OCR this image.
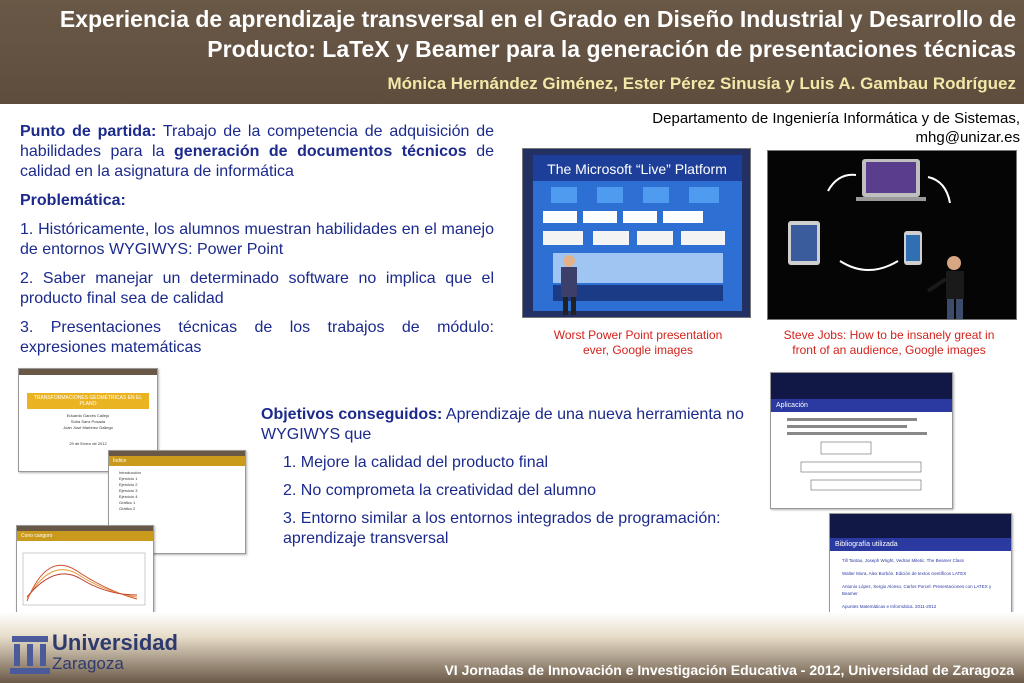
Experiencia de aprendizaje transversal en el Grado en Diseño Industrial y Desarrollo de Producto: LaTeX y Beamer para la generación de presentaciones técnicas
Mónica Hernández Giménez, Ester Pérez Sinusía y Luis A. Gambau Rodríguez
Departamento de Ingeniería Informática y de Sistemas,
mhg@unizar.es

Punto de partida: Trabajo de la competencia de adquisición de habilidades para la generación de documentos técnicos de calidad en la asignatura de informática

Problemática:

1. Históricamente, los alumnos muestran habilidades en el manejo de entornos WYGIWYS: Power Point

2. Saber manejar un determinado software no implica que el producto final sea de calidad

3. Presentaciones técnicas de los trabajos de módulo: expresiones matemáticas

The Microsoft “Live” Platform
Worst Power Point presentation ever, Google images
Steve Jobs: How to be insanely great in front of an audience, Google images
TRANSFORMACIONES GEOMÉTRICAS EN EL PLANO
Eduardo Garcés Callejo
Sofía Sanz Posada
Juan José Martínez Gallego
29 de Enero de 2012
Índice
Introducción
Ejercicio 1
Ejercicio 2
Ejercicio 3
Ejercicio 4
Gráfico 1
Gráfico 2
Cono cangoro
Aplicación
Bibliografía utilizada
Till Tantau, Joseph Wright, Vedran Miletic. The Beamer Class
Walter Mora, Alex Borbón. Edición de textos científicos LATEX
Antonio López, Sergio Alonso, Carlos Porcel. Presentaciones con LATEX y Beamer
Apuntes Matemáticas e Informática. 2011-2012

Objetivos conseguidos: Aprendizaje de una nueva herramienta no WYGIWYS que

1. Mejore la calidad del producto final

2. No comprometa la creatividad del alumno

3. Entorno similar a los entornos integrados de programación: aprendizaje transversal

Universidad
Zaragoza	VI Jornadas de Innovación e Investigación Educativa - 2012, Universidad de Zaragoza
